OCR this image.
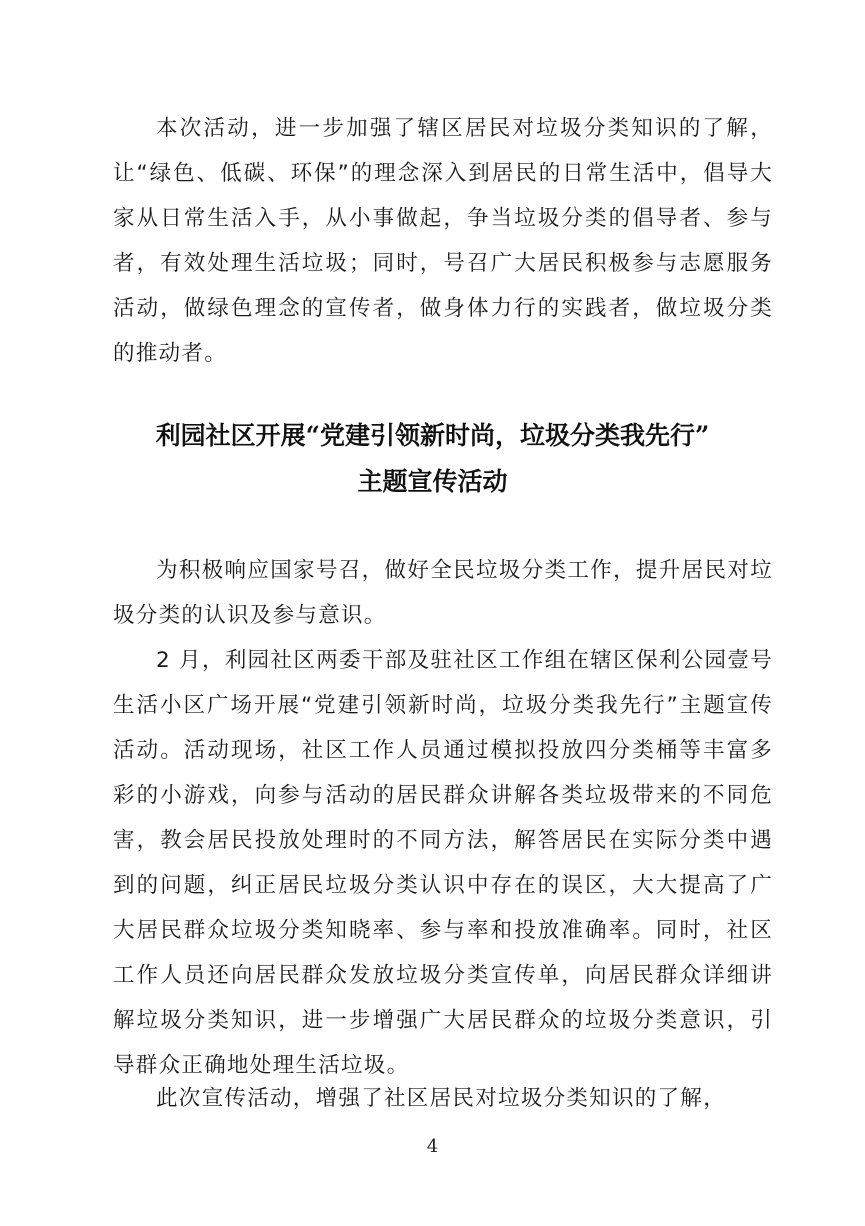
本次活动，进一步加强了辖区居民对垃圾分类知识的了解，让“绿色、低碳、环保”的理念深入到居民的日常生活中，倡导大家从日常生活入手，从小事做起，争当垃圾分类的倡导者、参与者，有效处理生活垃圾；同时，号召广大居民积极参与志愿服务活动，做绿色理念的宣传者，做身体力行的实践者，做垃圾分类的推动者。

利园社区开展“党建引领新时尚，垃圾分类我先行”
主题宣传活动

为积极响应国家号召，做好全民垃圾分类工作，提升居民对垃圾分类的认识及参与意识。

2 月，利园社区两委干部及驻社区工作组在辖区保利公园壹号生活小区广场开展“党建引领新时尚，垃圾分类我先行”主题宣传活动。活动现场，社区工作人员通过模拟投放四分类桶等丰富多彩的小游戏，向参与活动的居民群众讲解各类垃圾带来的不同危害，教会居民投放处理时的不同方法，解答居民在实际分类中遇到的问题，纠正居民垃圾分类认识中存在的误区，大大提高了广大居民群众垃圾分类知晓率、参与率和投放准确率。同时，社区工作人员还向居民群众发放垃圾分类宣传单，向居民群众详细讲解垃圾分类知识，进一步增强广大居民群众的垃圾分类意识，引导群众正确地处理生活垃圾。

此次宣传活动，增强了社区居民对垃圾分类知识的了解，

4
